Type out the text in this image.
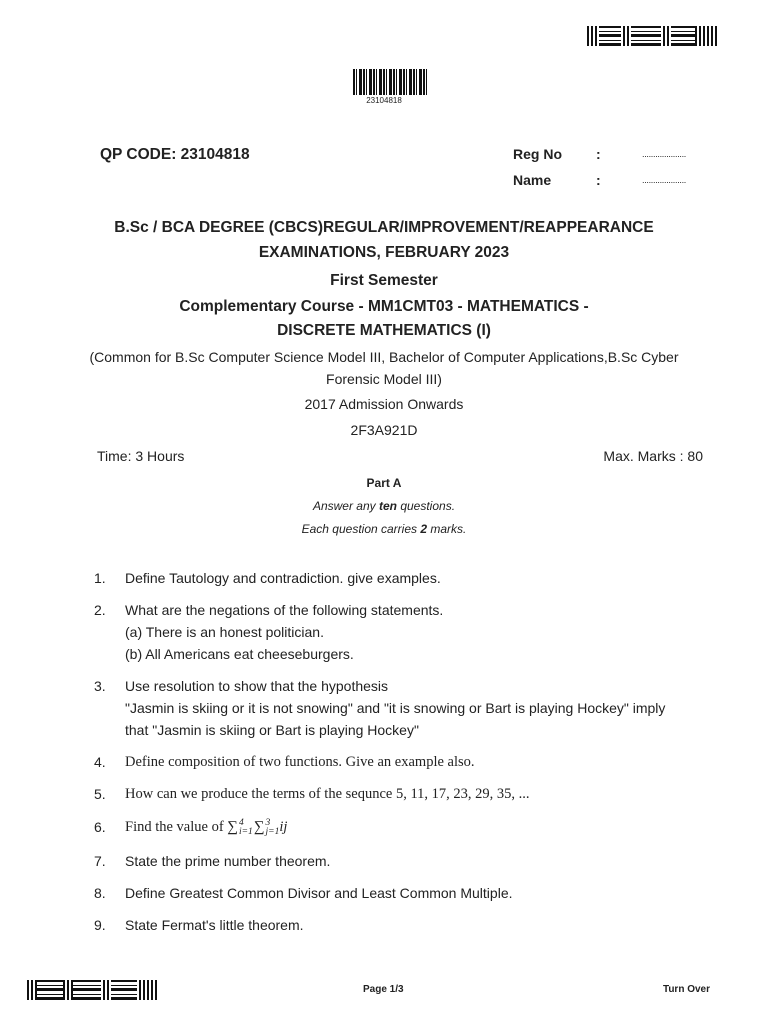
23104818
QP CODE: 23104818	Reg No :	....................
Name	:	....................
B.Sc / BCA DEGREE (CBCS)REGULAR/IMPROVEMENT/REAPPEARANCE
EXAMINATIONS, FEBRUARY 2023
First Semester
Complementary Course - MM1CMT03 - MATHEMATICS -
DISCRETE MATHEMATICS (I)
(Common for B.Sc Computer Science Model III, Bachelor of Computer Applications,B.Sc Cyber
Forensic Model III)
2017 Admission Onwards
2F3A921D
Time: 3 Hours	Max. Marks : 80
Part A
Answer any ten questions.
Each question carries 2 marks.
1.	Define Tautology and contradiction. give examples.
2.	What are the negations of the following statements.
(a) There is an honest politician.
(b) All Americans eat cheeseburgers.
3.	Use resolution to show that the hypothesis
"Jasmin is skiing or it is not snowing" and "it is snowing or Bart is playing Hockey" imply
that "Jasmin is skiing or Bart is playing Hockey"
4.	Define composition of two functions. Give an example also.
5.	How can we produce the terms of the sequnce 5, 11, 17, 23, 29, 35, ...
6.	Find the value of ∑ 4
i=1 ∑ 3
j=1 ij
7.	State the prime number theorem.
8.	Define Greatest Common Divisor and Least Common Multiple.
9.	State Fermat's little theorem.
Page 1/3	Turn Over
